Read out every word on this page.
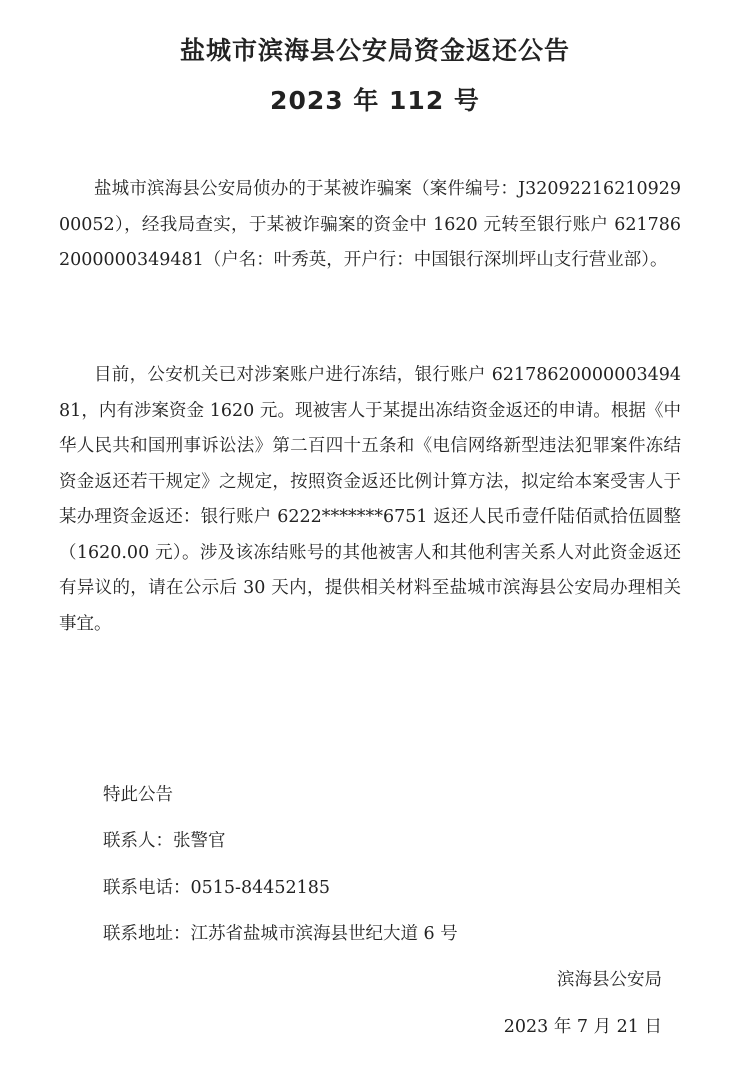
盐城市滨海县公安局资金返还公告
2023 年 112 号

盐城市滨海县公安局侦办的于某被诈骗案（案件编号：J3209221621092900052），经我局查实，于某被诈骗案的资金中 1620 元转至银行账户 6217862000000349481（户名：叶秀英，开户行：中国银行深圳坪山支行营业部）。

目前，公安机关已对涉案账户进行冻结，银行账户 6217862000000349481，内有涉案资金 1620 元。现被害人于某提出冻结资金返还的申请。根据《中华人民共和国刑事诉讼法》第二百四十五条和《电信网络新型违法犯罪案件冻结资金返还若干规定》之规定，按照资金返还比例计算方法，拟定给本案受害人于某办理资金返还：银行账户 6222*******6751 返还人民币壹仟陆佰贰拾伍圆整（1620.00 元）。涉及该冻结账号的其他被害人和其他利害关系人对此资金返还有异议的，请在公示后 30 天内，提供相关材料至盐城市滨海县公安局办理相关事宜。

特此公告

联系人：张警官

联系电话：0515-84452185

联系地址：江苏省盐城市滨海县世纪大道 6 号

滨海县公安局

2023 年 7 月 21 日
